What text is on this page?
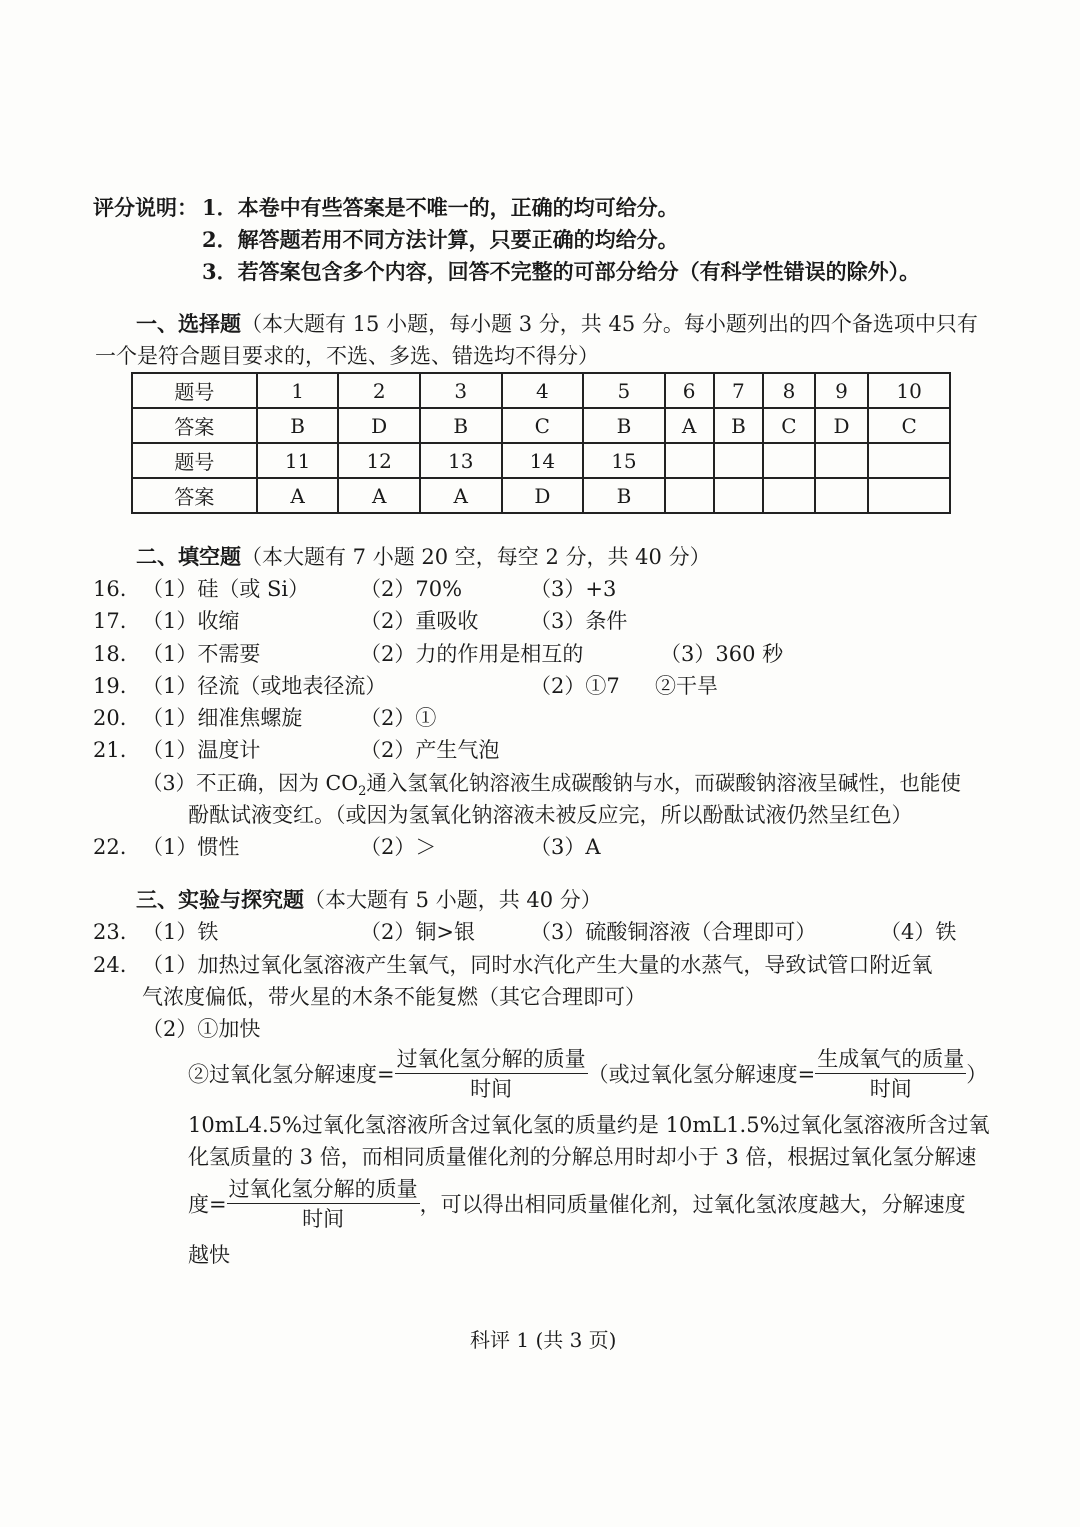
评分说明： 1．本卷中有些答案是不唯一的，正确的均可给分。
2．解答题若用不同方法计算，只要正确的均给分。
3．若答案包含多个内容，回答不完整的可部分给分（有科学性错误的除外）。
一、选择题（本大题有 15 小题，每小题 3 分，共 45 分。每小题列出的四个备选项中只有
一个是符合题目要求的，不选、多选、错选均不得分）
题号	1	2	3	4	5	6	7	8	9	10
答案	B	D	B	C	B	A	B	C	D	C
题号	11	12	13	14	15					
答案	A	A	A	D	B					
二、填空题（本大题有 7 小题 20 空，每空 2 分，共 40 分）
16. （1）硅（或 Si） （2）70%	（3）+3
17. （1）收缩	（2）重吸收 （3）条件
18. （1）不需要	（2）力的作用是相互的	（3）360 秒
19. （1）径流（或地表径流）	（2）①7 ②干旱
20. （1）细准焦螺旋	（2）①
21. （1）温度计	（2）产生气泡
（3）不正确，因为 $CO_2$通入氢氧化钠溶液生成碳酸钠与水，而碳酸钠溶液呈碱性，也能使
酚酞试液变红。（或因为氢氧化钠溶液未被反应完，所以酚酞试液仍然呈红色）
22. （1）惯性	（2）＞	（3）A
三、实验与探究题（本大题有 5 小题，共 40 分）
23. （1）铁	（2）铜>银	（3）硫酸铜溶液（合理即可）	（4）铁
24. （1）加热过氧化氢溶液产生氧气，同时水汽化产生大量的水蒸气，导致试管口附近氧
气浓度偏低，带火星的木条不能复燃（其它合理即可）
（2）①加快
②过氧化氢分解速度= $\frac{\text{过氧化氢分解的质量}}{\text{时间}}$ （或过氧化氢分解速度= $\frac{\text{生成氧气的质量}}{\text{时间}}$ ）
10mL4.5%过氧化氢溶液所含过氧化氢的质量约是 10mL1.5%过氧化氢溶液所含过氧
化氢质量的 3 倍，而相同质量催化剂的分解总用时却小于 3 倍，根据过氧化氢分解速
度= $\frac{\text{过氧化氢分解的质量}}{\text{时间}}$ ，可以得出相同质量催化剂，过氧化氢浓度越大，分解速度
越快
科评 1 (共 3 页)
